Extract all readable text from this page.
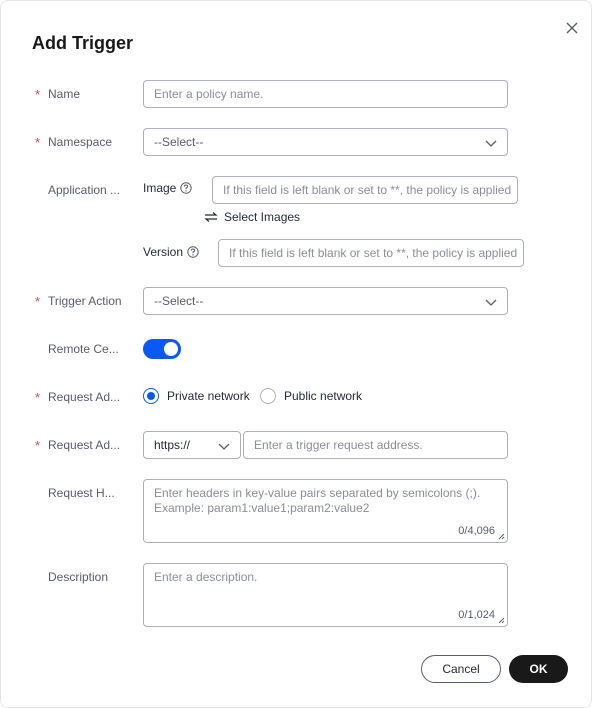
Add Trigger
* Name	Enter a policy name.
* Namespace	--Select--
Application ... Image	If this field is left blank or set to **, the policy is applied
Select Images
Version	If this field is left blank or set to **, the policy is applied
* Trigger Action	--Select--
Remote Ce...
* Request Ad...	Private network	Public network
* Request Ad...	https://	Enter a trigger request address.
Request H...	Enter headers in key-value pairs separated by semicolons (;).
Example: param1:value1;param2:value2
0/4,096
Description	Enter a description.
0/1,024
Cancel	OK
